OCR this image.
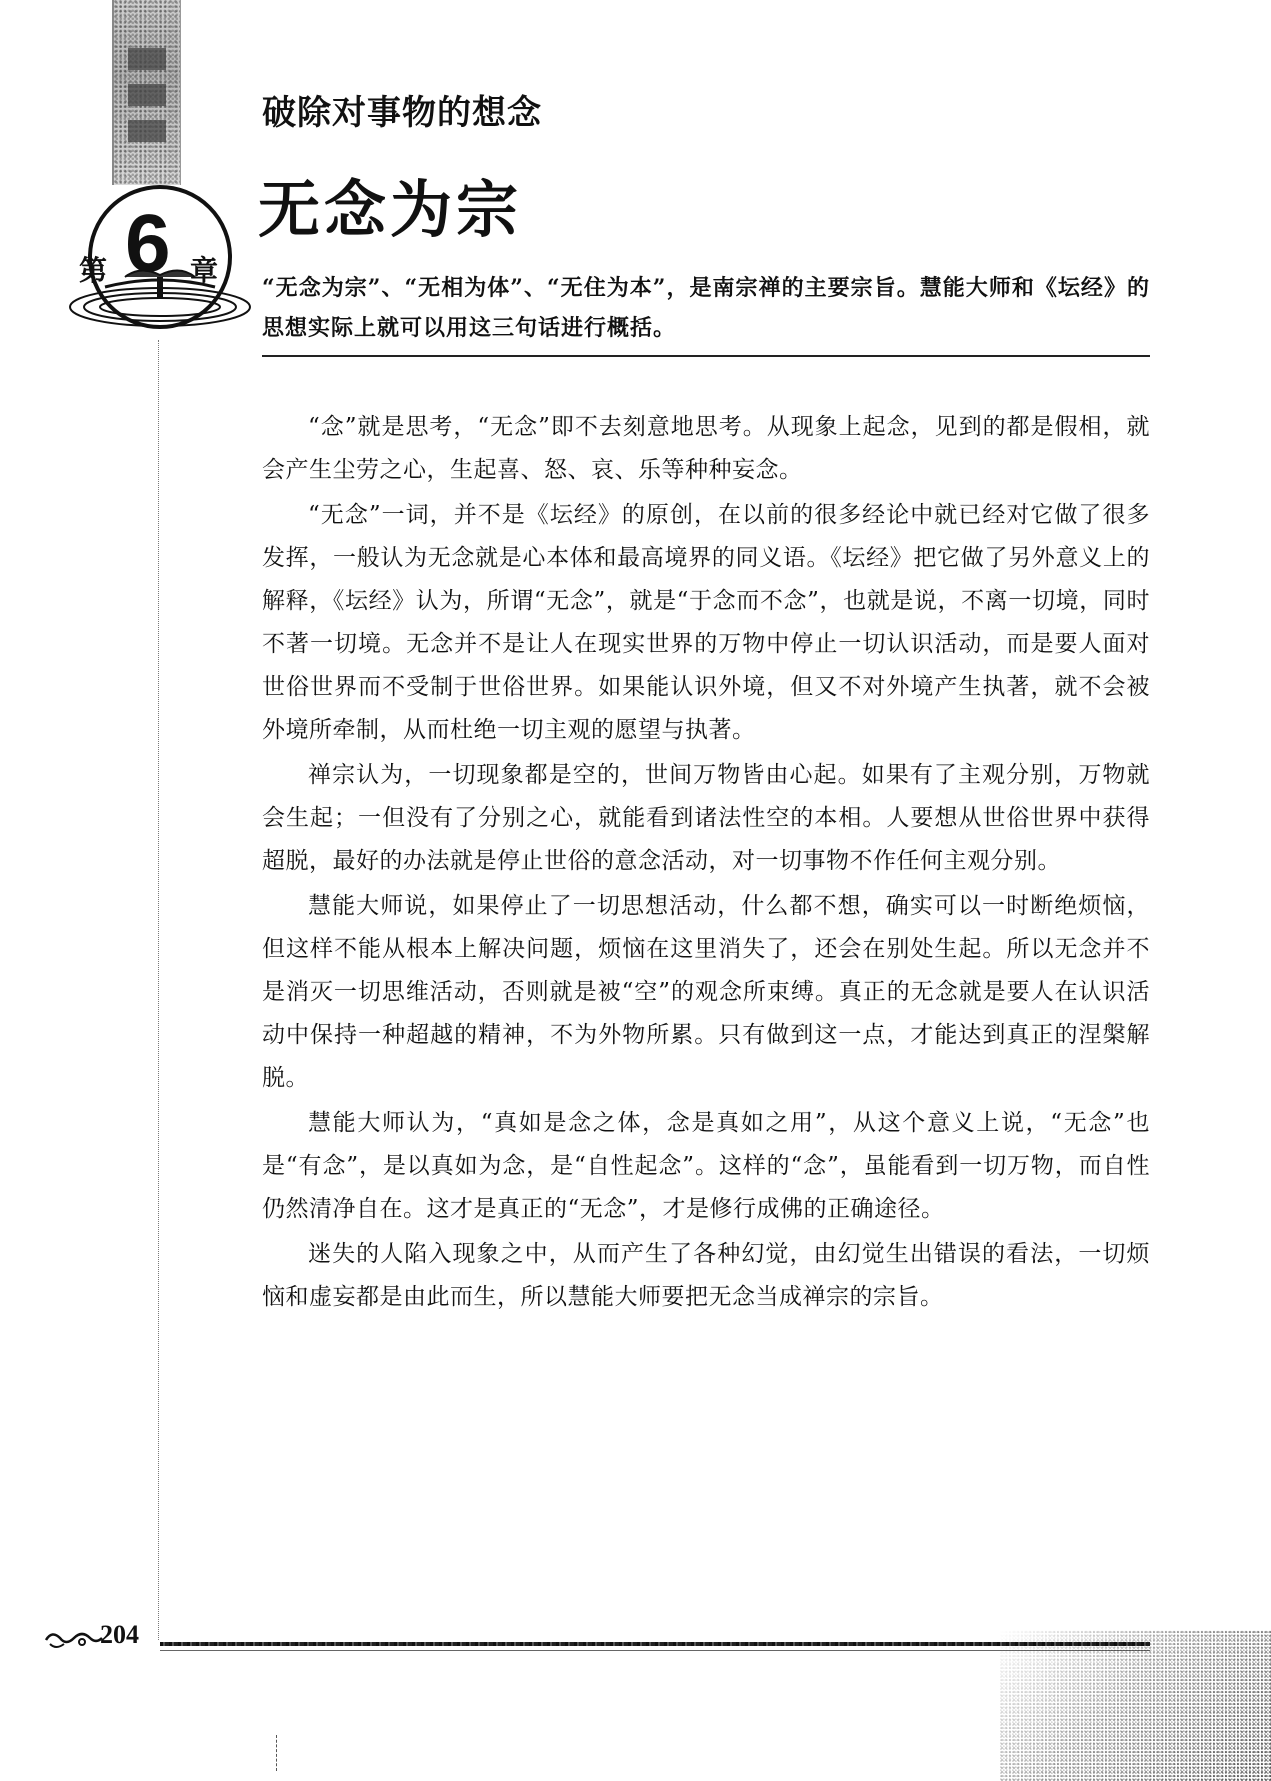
第 6 章
破除对事物的想念
无念为宗
“无念为宗”、“无相为体”、“无住为本”，是南宗禅的主要宗旨。慧能大师和《坛经》的思想实际上就可以用这三句话进行概括。

“念”就是思考，“无念”即不去刻意地思考。从现象上起念，见到的都是假相，就会产生尘劳之心，生起喜、怒、哀、乐等种种妄念。

“无念”一词，并不是《坛经》的原创，在以前的很多经论中就已经对它做了很多发挥，一般认为无念就是心本体和最高境界的同义语。《坛经》把它做了另外意义上的解释，《坛经》认为，所谓“无念”，就是“于念而不念”，也就是说，不离一切境，同时不著一切境。无念并不是让人在现实世界的万物中停止一切认识活动，而是要人面对世俗世界而不受制于世俗世界。如果能认识外境，但又不对外境产生执著，就不会被外境所牵制，从而杜绝一切主观的愿望与执著。

禅宗认为，一切现象都是空的，世间万物皆由心起。如果有了主观分别，万物就会生起；一但没有了分别之心，就能看到诸法性空的本相。人要想从世俗世界中获得超脱，最好的办法就是停止世俗的意念活动，对一切事物不作任何主观分别。

慧能大师说，如果停止了一切思想活动，什么都不想，确实可以一时断绝烦恼，但这样不能从根本上解决问题，烦恼在这里消失了，还会在别处生起。所以无念并不是消灭一切思维活动，否则就是被“空”的观念所束缚。真正的无念就是要人在认识活动中保持一种超越的精神，不为外物所累。只有做到这一点，才能达到真正的涅槃解脱。

慧能大师认为，“真如是念之体，念是真如之用”，从这个意义上说，“无念”也是“有念”，是以真如为念，是“自性起念”。这样的“念”，虽能看到一切万物，而自性仍然清净自在。这才是真正的“无念”，才是修行成佛的正确途径。

迷失的人陷入现象之中，从而产生了各种幻觉，由幻觉生出错误的看法，一切烦恼和虚妄都是由此而生，所以慧能大师要把无念当成禅宗的宗旨。

204
